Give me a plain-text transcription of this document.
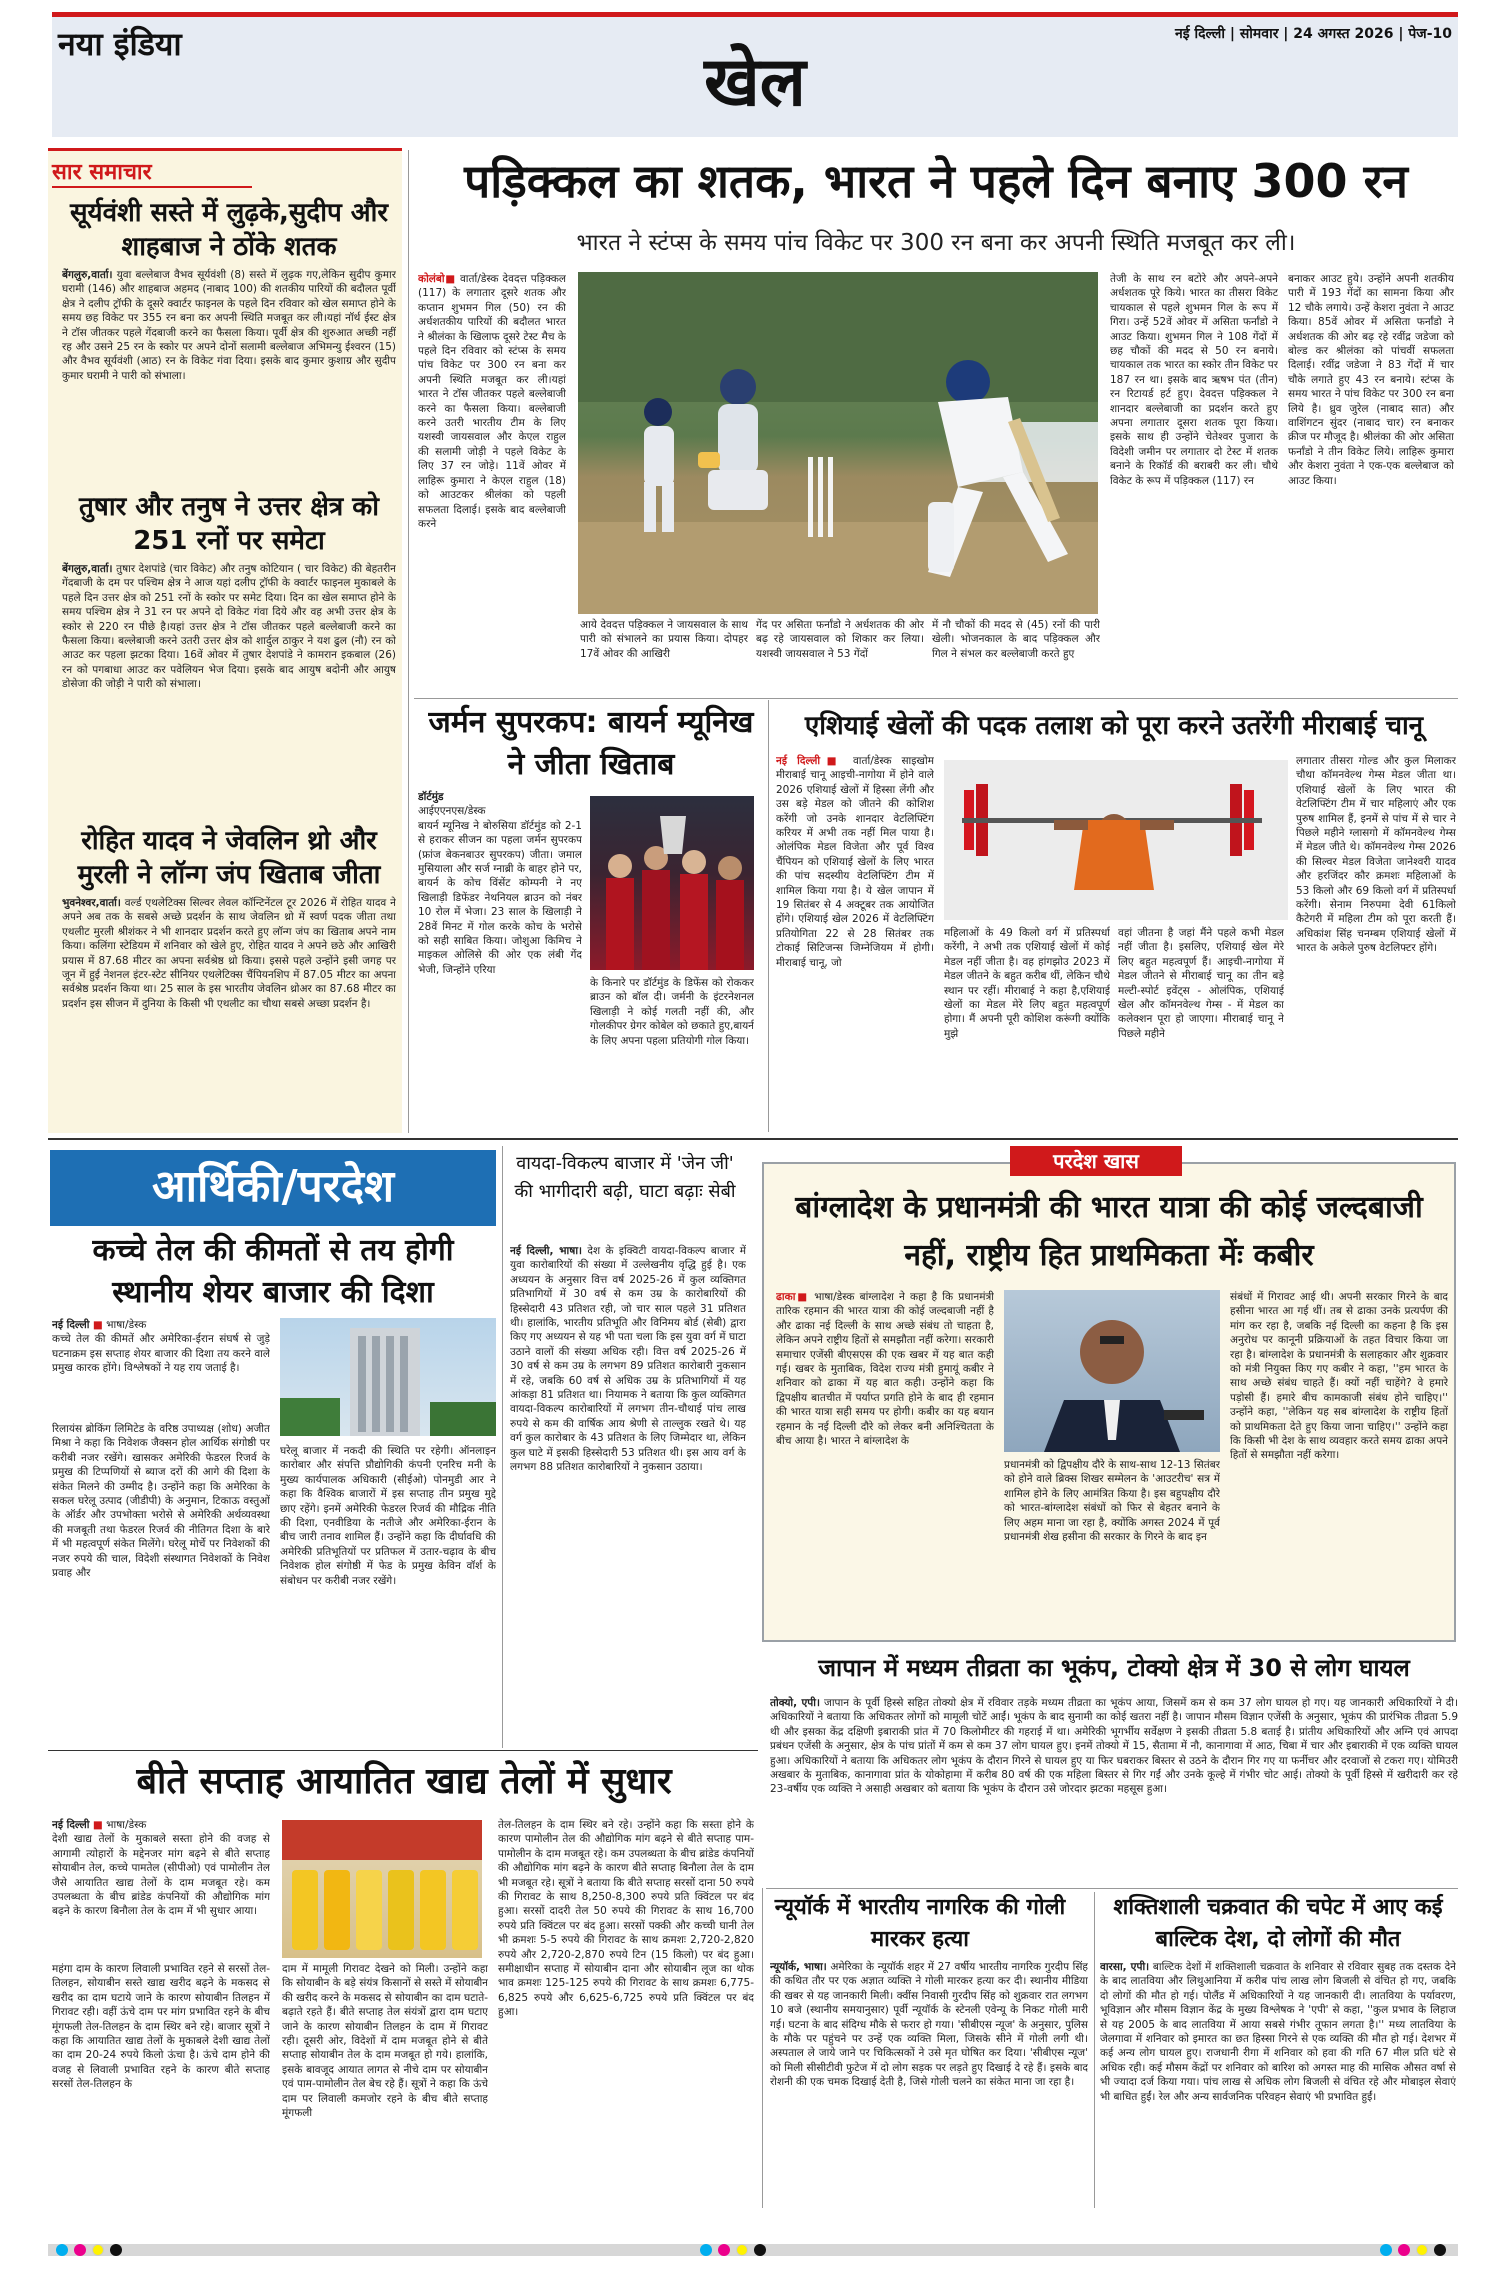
नया इंडिया	नई दिल्ली | सोमवार | 24 अगस्त 2026 | पेज-10
खेल
सार समाचार
सूर्यवंशी सस्ते में लुढ़के,सुदीप और शाहबाज ने ठोंके शतक
बेंगलुरु,वार्ता। युवा बल्लेबाज वैभव सूर्यवंशी (8) सस्ते में लुढ़क गए,लेकिन सुदीप कुमार घरामी (146) और शाहबाज अहमद (नाबाद 100) की शतकीय पारियों की बदौलत पूर्वी क्षेत्र ने दलीप ट्रॉफी के दूसरे क्वार्टर फाइनल के पहले दिन रविवार को खेल समाप्त होने के समय छह विकेट पर 355 रन बना कर अपनी स्थिति मजबूत कर ली।यहां नॉर्थ ईस्ट क्षेत्र ने टॉस जीतकर पहले गेंदबाजी करने का फैसला किया। पूर्वी क्षेत्र की शुरुआत अच्छी नहीं रह और उसने 25 रन के स्कोर पर अपने दोनों सलामी बल्लेबाज अभिमन्यु ईश्वरन (15) और वैभव सूर्यवंशी (आठ) रन के विकेट गंवा दिया। इसके बाद कुमार कुशाग्र और सुदीप कुमार घरामी ने पारी को संभाला।
तुषार और तनुष ने उत्तर क्षेत्र को 251 रनों पर समेटा
बेंगलुरु,वार्ता। तुषार देशपांडे (चार विकेट) और तनुष कोटियान ( चार विकेट) की बेहतरीन गेंदबाजी के दम पर पश्चिम क्षेत्र ने आज यहां दलीप ट्रॉफी के क्वार्टर फाइनल मुकाबले के पहले दिन उत्तर क्षेत्र को 251 रनों के स्कोर पर समेट दिया। दिन का खेल समाप्त होने के समय पश्चिम क्षेत्र ने 31 रन पर अपने दो विकेट गंवा दिये और वह अभी उत्तर क्षेत्र के स्कोर से 220 रन पीछे है।यहां उत्तर क्षेत्र ने टॉस जीतकर पहले बल्लेबाजी करने का फैसला किया। बल्लेबाजी करने उतरी उत्तर क्षेत्र को शार्दुल ठाकुर ने यश ढुल (नौ) रन को आउट कर पहला झटका दिया। 16वें ओवर में तुषार देशपांडे ने कामरान इकबाल (26) रन को पगबाधा आउट कर पवेलियन भेज दिया। इसके बाद आयुष बदोनी और आयुष डोसेजा की जोड़ी ने पारी को संभाला।
रोहित यादव ने जेवलिन थ्रो और मुरली ने लॉन्ग जंप खिताब जीता
भुवनेश्वर,वार्ता। वर्ल्ड एथलेटिक्स सिल्वर लेवल कॉन्टिनेंटल टूर 2026 में रोहित यादव ने अपने अब तक के सबसे अच्छे प्रदर्शन के साथ जेवलिन थ्रो में स्वर्ण पदक जीता तथा एथलीट मुरली श्रीशंकर ने भी शानदार प्रदर्शन करते हुए लॉन्ग जंप का खिताब अपने नाम किया। कलिंगा स्टेडियम में शनिवार को खेले हुए, रोहित यादव ने अपने छठे और आखिरी प्रयास में 87.68 मीटर का अपना सर्वश्रेष्ठ थ्रो किया। इससे पहले उन्होंने इसी जगह पर जून में हुई नेशनल इंटर-स्टेट सीनियर एथलेटिक्स चैंपियनशिप में 87.05 मीटर का अपना सर्वश्रेष्ठ प्रदर्शन किया था। 25 साल के इस भारतीय जेवलिन थ्रोअर का 87.68 मीटर का प्रदर्शन इस सीजन में दुनिया के किसी भी एथलीट का चौथा सबसे अच्छा प्रदर्शन है।
पड़िक्कल का शतक, भारत ने पहले दिन बनाए 300 रन
भारत ने स्टंप्स के समय पांच विकेट पर 300 रन बना कर अपनी स्थिति मजबूत कर ली।
कोलंबो■ वार्ता/डेस्क देवदत्त पड़िक्कल (117) के लगातार दूसरे शतक और कप्तान शुभमन गिल (50) रन की अर्धशतकीय पारियों की बदौलत भारत ने श्रीलंका के खिलाफ दूसरे टेस्ट मैच के पहले दिन रविवार को स्टंप्स के समय पांच विकेट पर 300 रन बना कर अपनी स्थिति मजबूत कर ली।यहां भारत ने टॉस जीतकर पहले बल्लेबाजी करने का फैसला किया। बल्लेबाजी करने उतरी भारतीय टीम के लिए यशस्वी जायसवाल और केएल राहुल की सलामी जोड़ी ने पहले विकेट के लिए 37 रन जोड़े। 11वें ओवर में लाहिरू कुमारा ने केएल राहुल (18) को आउटकर श्रीलंका को पहली सफलता दिलाई। इसके बाद बल्लेबाजी करने
आये देवदत्त पड़िक्कल ने जायसवाल के साथ पारी को संभालने का प्रयास किया। दोपहर 17वें ओवर की आखिरी
गेंद पर असिता फर्नांडो ने अर्धशतक की ओर बढ़ रहे जायसवाल को शिकार कर लिया। यशस्वी जायसवाल ने 53 गेंदों
में नौ चौकों की मदद से (45) रनों की पारी खेली। भोजनकाल के बाद पड़िक्कल और गिल ने संभल कर बल्लेबाजी करते हुए
तेजी के साथ रन बटोरे और अपने-अपने अर्धशतक पूरे किये। भारत का तीसरा विकेट चायकाल से पहले शुभमन गिल के रूप में गिरा। उन्हें 52वें ओवर में असिता फर्नांडो ने आउट किया। शुभमन गिल ने 108 गेंदों में छह चौकों की मदद से 50 रन बनाये। चायकाल तक भारत का स्कोर तीन विकेट पर 187 रन था। इसके बाद ऋषभ पंत (तीन) रन रिटायर्ड हर्ट हुए। देवदत्त पड़िक्कल ने शानदार बल्लेबाजी का प्रदर्शन करते हुए अपना लगातार दूसरा शतक पूरा किया। इसके साथ ही उन्होंने चेतेश्वर पुजारा के विदेशी जमीन पर लगातार दो टेस्ट में शतक बनाने के रिकॉर्ड की बराबरी कर ली। चौथे विकेट के रूप में पड़िक्कल (117) रन
बनाकर आउट हुये। उन्होंने अपनी शतकीय पारी में 193 गेंदों का सामना किया और 12 चौके लगाये। उन्हें केशरा नुवंता ने आउट किया। 85वें ओवर में असिता फर्नांडो ने अर्धशतक की ओर बढ़ रहे रवींद्र जडेजा को बोल्ड कर श्रीलंका को पांचवीं सफलता दिलाई। रवींद्र जडेजा ने 83 गेंदों में चार चौके लगाते हुए 43 रन बनाये। स्टंप्स के समय भारत ने पांच विकेट पर 300 रन बना लिये है। ध्रुव जुरेल (नाबाद सात) और वाशिंगटन सुंदर (नाबाद चार) रन बनाकर क्रीज पर मौजूद है। श्रीलंका की ओर असिता फर्नांडो ने तीन विकेट लिये। लाहिरू कुमारा और केशरा नुवंता ने एक-एक बल्लेबाज को आउट किया।
जर्मन सुपरकप: बायर्न म्यूनिख ने जीता खिताब
डॉर्टमुंड
आईएएनएस/डेस्क
बायर्न म्यूनिख ने बोरुसिया डॉर्टमुंड को 2-1 से हराकर सीजन का पहला जर्मन सुपरकप (फ्रांज बेकनबाउर सुपरकप) जीता। जमाल मुसियाला और सर्ज ग्नाब्री के बाहर होने पर, बायर्न के कोच विंसेंट कोम्पनी ने नए खिलाड़ी डिफेंडर नेथनियल ब्राउन को नंबर 10 रोल में भेजा। 23 साल के खिलाड़ी ने 28वें मिनट में गोल करके कोच के भरोसे को सही साबित किया। जोशुआ किमिच ने माइकल ओलिसे की ओर एक लंबी गेंद भेजी, जिन्होंने एरिया
के किनारे पर डॉर्टमुंड के डिफेंस को रोककर ब्राउन को बॉल दी। जर्मनी के इंटरनेशनल खिलाड़ी ने कोई गलती नहीं की, और गोलकीपर ग्रेगर कोबेल को छकाते हुए,बायर्न के लिए अपना पहला प्रतियोगी गोल किया।
एशियाई खेलों की पदक तलाश को पूरा करने उतरेंगी मीराबाई चानू
नई दिल्ली■ वार्ता/डेस्क साइखोम मीराबाई चानू आइची-नागोया में होने वाले 2026 एशियाई खेलों में हिस्सा लेंगी और उस बड़े मेडल को जीतने की कोशिश करेंगी जो उनके शानदार वेटलिफ्टिंग करियर में अभी तक नहीं मिल पाया है। ओलंपिक मेडल विजेता और पूर्व विश्व चैंपियन को एशियाई खेलों के लिए भारत की पांच सदस्यीय वेटलिफ्टिंग टीम में शामिल किया गया है। ये खेल जापान में 19 सितंबर से 4 अक्टूबर तक आयोजित होंगे। एशियाई खेल 2026 में वेटलिफ्टिंग प्रतियोगिता 22 से 28 सितंबर तक टोकाई सिटिजन्स जिम्नेजियम में होगी। मीराबाई चानू, जो
महिलाओं के 49 किलो वर्ग में प्रतिस्पर्धा करेंगी, ने अभी तक एशियाई खेलों में कोई मेडल नहीं जीता है। वह हांगझोउ 2023 में मेडल जीतने के बहुत करीब थीं, लेकिन चौथे स्थान पर रहीं। मीराबाई ने कहा है,एशियाई खेलों का मेडल मेरे लिए बहुत महत्वपूर्ण होगा। मैं अपनी पूरी कोशिश करूंगी क्योंकि मुझे
वहां जीतना है जहां मैंने पहले कभी मेडल नहीं जीता है। इसलिए, एशियाई खेल मेरे लिए बहुत महत्वपूर्ण हैं। आइची-नागोया में मेडल जीतने से मीराबाई चानू का तीन बड़े मल्टी-स्पोर्ट इवेंट्स - ओलंपिक, एशियाई खेल और कॉमनवेल्थ गेम्स - में मेडल का कलेक्शन पूरा हो जाएगा। मीराबाई चानू ने पिछले महीने
लगातार तीसरा गोल्ड और कुल मिलाकर चौथा कॉमनवेल्थ गेम्स मेडल जीता था। एशियाई खेलों के लिए भारत की वेटलिफ्टिंग टीम में चार महिलाएं और एक पुरुष शामिल हैं, इनमें से पांच में से चार ने पिछले महीने ग्लासगो में कॉमनवेल्थ गेम्स में मेडल जीते थे। कॉमनवेल्थ गेम्स 2026 की सिल्वर मेडल विजेता जानेश्वरी यादव और हरजिंदर कौर क्रमशः महिलाओं के 53 किलो और 69 किलो वर्ग में प्रतिस्पर्धा करेंगी। सेनाम निरुपमा देवी 61किलो कैटेगरी में महिला टीम को पूरा करती हैं। अधिकांश सिंह चनम्बम एशियाई खेलों में भारत के अकेले पुरुष वेटलिफ्टर होंगे।
आर्थिकी/परदेश
कच्चे तेल की कीमतों से तय होगी स्थानीय शेयर बाजार की दिशा
नई दिल्ली ■ भाषा/डेस्क
कच्चे तेल की कीमतें और अमेरिका-ईरान संघर्ष से जुड़े घटनाक्रम इस सप्ताह शेयर बाजार की दिशा तय करने वाले प्रमुख कारक होंगे। विश्लेषकों ने यह राय जताई है।
रिलायंस ब्रोकिंग लिमिटेड के वरिष्ठ उपाध्यक्ष (शोध) अजीत मिश्रा ने कहा कि निवेशक जैक्सन होल आर्थिक संगोष्ठी पर करीबी नजर रखेंगे। खासकर अमेरिकी फेडरल रिजर्व के प्रमुख की टिप्पणियों से ब्याज दरों की आगे की दिशा के संकेत मिलने की उम्मीद है। उन्होंने कहा कि अमेरिका के सकल घरेलू उत्पाद (जीडीपी) के अनुमान, टिकाऊ वस्तुओं के ऑर्डर और उपभोक्ता भरोसे से अमेरिकी अर्थव्यवस्था की मजबूती तथा फेडरल रिजर्व की नीतिगत दिशा के बारे में भी महत्वपूर्ण संकेत मिलेंगे। घरेलू मोर्चे पर निवेशकों की नजर रुपये की चाल, विदेशी संस्थागत निवेशकों के निवेश प्रवाह और
घरेलू बाजार में नकदी की स्थिति पर रहेगी। ऑनलाइन कारोबार और संपत्ति प्रौद्योगिकी कंपनी एनरिच मनी के मुख्य कार्यपालक अधिकारी (सीईओ) पोनमुडी आर ने कहा कि वैश्विक बाजारों में इस सप्ताह तीन प्रमुख मुद्दे छाए रहेंगे। इनमें अमेरिकी फेडरल रिजर्व की मौद्रिक नीति की दिशा, एनवीडिया के नतीजे और अमेरिका-ईरान के बीच जारी तनाव शामिल हैं। उन्होंने कहा कि दीर्घावधि की अमेरिकी प्रतिभूतियों पर प्रतिफल में उतार-चढ़ाव के बीच निवेशक होल संगोष्ठी में फेड के प्रमुख केविन वॉर्श के संबोधन पर करीबी नजर रखेंगे।
वायदा-विकल्प बाजार में 'जेन जी' की भागीदारी बढ़ी, घाटा बढ़ाः सेबी
नई दिल्ली, भाषा। देश के इक्विटी वायदा-विकल्प बाजार में युवा कारोबारियों की संख्या में उल्लेखनीय वृद्धि हुई है। एक अध्ययन के अनुसार वित्त वर्ष 2025-26 में कुल व्यक्तिगत प्रतिभागियों में 30 वर्ष से कम उम्र के कारोबारियों की हिस्सेदारी 43 प्रतिशत रही, जो चार साल पहले 31 प्रतिशत थी। हालांकि, भारतीय प्रतिभूति और विनिमय बोर्ड (सेबी) द्वारा किए गए अध्ययन से यह भी पता चला कि इस युवा वर्ग में घाटा उठाने वालों की संख्या अधिक रही। वित्त वर्ष 2025-26 में 30 वर्ष से कम उम्र के लगभग 89 प्रतिशत कारोबारी नुकसान में रहे, जबकि 60 वर्ष से अधिक उम्र के प्रतिभागियों में यह आंकड़ा 81 प्रतिशत था। नियामक ने बताया कि कुल व्यक्तिगत वायदा-विकल्प कारोबारियों में लगभग तीन-चौथाई पांच लाख रुपये से कम की वार्षिक आय श्रेणी से ताल्लुक रखते थे। यह वर्ग कुल कारोबार के 43 प्रतिशत के लिए जिम्मेदार था, लेकिन कुल घाटे में इसकी हिस्सेदारी 53 प्रतिशत थी। इस आय वर्ग के लगभग 88 प्रतिशत कारोबारियों ने नुकसान उठाया।
परदेश खास
बांग्लादेश के प्रधानमंत्री की भारत यात्रा की कोई जल्दबाजी नहीं, राष्ट्रीय हित प्राथमिकता मेंः कबीर
ढाका■ भाषा/डेस्क बांग्लादेश ने कहा है कि प्रधानमंत्री तारिक रहमान की भारत यात्रा की कोई जल्दबाजी नहीं है और ढाका नई दिल्ली के साथ अच्छे संबंध तो चाहता है, लेकिन अपने राष्ट्रीय हितों से समझौता नहीं करेगा। सरकारी समाचार एजेंसी बीएसएस की एक खबर में यह बात कही गई। खबर के मुताबिक, विदेश राज्य मंत्री हुमायूं कबीर ने शनिवार को ढाका में यह बात कही। उन्होंने कहा कि द्विपक्षीय बातचीत में पर्याप्त प्रगति होने के बाद ही रहमान की भारत यात्रा सही समय पर होगी। कबीर का यह बयान रहमान के नई दिल्ली दौरे को लेकर बनी अनिश्चितता के बीच आया है। भारत ने बांग्लादेश के
प्रधानमंत्री को द्विपक्षीय दौरे के साथ-साथ 12-13 सितंबर को होने वाले ब्रिक्स शिखर सम्मेलन के 'आउटरीच' सत्र में शामिल होने के लिए आमंत्रित किया है। इस बहुपक्षीय दौरे को भारत-बांग्लादेश संबंधों को फिर से बेहतर बनाने के लिए अहम माना जा रहा है, क्योंकि अगस्त 2024 में पूर्व प्रधानमंत्री शेख हसीना की सरकार के गिरने के बाद इन
संबंधों में गिरावट आई थी। अपनी सरकार गिरने के बाद हसीना भारत आ गई थीं। तब से ढाका उनके प्रत्यर्पण की मांग कर रहा है, जबकि नई दिल्ली का कहना है कि इस अनुरोध पर कानूनी प्रक्रियाओं के तहत विचार किया जा रहा है। बांग्लादेश के प्रधानमंत्री के सलाहकार और शुक्रवार को मंत्री नियुक्त किए गए कबीर ने कहा, ''हम भारत के साथ अच्छे संबंध चाहते हैं। क्यों नहीं चाहेंगे? वे हमारे पड़ोसी हैं। हमारे बीच कामकाजी संबंध होने चाहिए।'' उन्होंने कहा, ''लेकिन यह सब बांग्लादेश के राष्ट्रीय हितों को प्राथमिकता देते हुए किया जाना चाहिए।'' उन्होंने कहा कि किसी भी देश के साथ व्यवहार करते समय ढाका अपने हितों से समझौता नहीं करेगा।
जापान में मध्यम तीव्रता का भूकंप, टोक्यो क्षेत्र में 30 से लोग घायल
तोक्यो, एपी। जापान के पूर्वी हिस्से सहित तोक्यो क्षेत्र में रविवार तड़के मध्यम तीव्रता का भूकंप आया, जिसमें कम से कम 37 लोग घायल हो गए। यह जानकारी अधिकारियों ने दी। अधिकारियों ने बताया कि अधिकतर लोगों को मामूली चोटें आईं। भूकंप के बाद सुनामी का कोई खतरा नहीं है। जापान मौसम विज्ञान एजेंसी के अनुसार, भूकंप की प्रारंभिक तीव्रता 5.9 थी और इसका केंद्र दक्षिणी इबाराकी प्रांत में 70 किलोमीटर की गहराई में था। अमेरिकी भूगर्भीय सर्वेक्षण ने इसकी तीव्रता 5.8 बताई है। प्रांतीय अधिकारियों और अग्नि एवं आपदा प्रबंधन एजेंसी के अनुसार, क्षेत्र के पांच प्रांतों में कम से कम 37 लोग घायल हुए। इनमें तोक्यो में 15, सैतामा में नौ, कानागावा में आठ, चिबा में चार और इबाराकी में एक व्यक्ति घायल हुआ। अधिकारियों ने बताया कि अधिकतर लोग भूकंप के दौरान गिरने से घायल हुए या फिर घबराकर बिस्तर से उठने के दौरान गिर गए या फर्नीचर और दरवाजों से टकरा गए। योमिउरी अखबार के मुताबिक, कानागावा प्रांत के योकोहामा में करीब 80 वर्ष की एक महिला बिस्तर से गिर गईं और उनके कूल्हे में गंभीर चोट आई। तोक्यो के पूर्वी हिस्से में खरीदारी कर रहे 23-वर्षीय एक व्यक्ति ने असाही अखबार को बताया कि भूकंप के दौरान उसे जोरदार झटका महसूस हुआ।
बीते सप्ताह आयातित खाद्य तेलों में सुधार
नई दिल्ली ■ भाषा/डेस्क
देशी खाद्य तेलों के मुकाबले सस्ता होने की वजह से आगामी त्योहारों के मद्देनजर मांग बढ़ने से बीते सप्ताह सोयाबीन तेल, कच्चे पामतेल (सीपीओ) एवं पामोलीन तेल जैसे आयातित खाद्य तेलों के दाम मजबूत रहे। कम उपलब्धता के बीच ब्रांडेड कंपनियों की औद्योगिक मांग बढ़ने के कारण बिनौला तेल के दाम में भी सुधार आया।
महंगा दाम के कारण लिवाली प्रभावित रहने से सरसों तेल-तिलहन, सोयाबीन सस्ते खाद्य खरीद बढ़ने के मकसद से खरीद का दाम घटाये जाने के कारण सोयाबीन तिलहन में गिरावट रही। वहीं ऊंचे दाम पर मांग प्रभावित रहने के बीच मूंगफली तेल-तिलहन के दाम स्थिर बने रहे। बाजार सूत्रों ने कहा कि आयातित खाद्य तेलों के मुकाबले देशी खाद्य तेलों का दाम 20-24 रुपये किलो ऊंचा है। ऊंचे दाम होने की वजह से लिवाली प्रभावित रहने के कारण बीते सप्ताह सरसों तेल-तिलहन के
दाम में मामूली गिरावट देखने को मिली। उन्होंने कहा कि सोयाबीन के बड़े संयंत्र किसानों से सस्ते में सोयाबीन की खरीद करने के मकसद से सोयाबीन का दाम घटाते-बढ़ाते रहते हैं। बीते सप्ताह तेल संयंत्रों द्वारा दाम घटाए जाने के कारण सोयाबीन तिलहन के दाम में गिरावट रही। दूसरी ओर, विदेशों में दाम मजबूत होने से बीते सप्ताह सोयाबीन तेल के दाम मजबूत हो गये। हालांकि, इसके बावजूद आयात लागत से नीचे दाम पर सोयाबीन एवं पाम-पामोलीन तेल बेच रहे हैं। सूत्रों ने कहा कि ऊंचे दाम पर लिवाली कमजोर रहने के बीच बीते सप्ताह मूंगफली
तेल-तिलहन के दाम स्थिर बने रहे। उन्होंने कहा कि सस्ता होने के कारण पामोलीन तेल की औद्योगिक मांग बढ़ने से बीते सप्ताह पाम-पामोलीन के दाम मजबूत रहे। कम उपलब्धता के बीच ब्रांडेड कंपनियों की औद्योगिक मांग बढ़ने के कारण बीते सप्ताह बिनौला तेल के दाम भी मजबूत रहे। सूत्रों ने बताया कि बीते सप्ताह सरसों दाना 50 रुपये की गिरावट के साथ 8,250-8,300 रुपये प्रति क्विंटल पर बंद हुआ। सरसों दादरी तेल 50 रुपये की गिरावट के साथ 16,700 रुपये प्रति क्विंटल पर बंद हुआ। सरसों पक्की और कच्ची घानी तेल भी क्रमशः 5-5 रुपये की गिरावट के साथ क्रमशः 2,720-2,820 रुपये और 2,720-2,870 रुपये टिन (15 किलो) पर बंद हुआ। समीक्षाधीन सप्ताह में सोयाबीन दाना और सोयाबीन लूज का थोक भाव क्रमशः 125-125 रुपये की गिरावट के साथ क्रमशः 6,775-6,825 रुपये और 6,625-6,725 रुपये प्रति क्विंटल पर बंद हुआ।
न्यूयॉर्क में भारतीय नागरिक की गोली मारकर हत्या
न्यूयॉर्क, भाषा। अमेरिका के न्यूयॉर्क शहर में 27 वर्षीय भारतीय नागरिक गुरदीप सिंह की कथित तौर पर एक अज्ञात व्यक्ति ने गोली मारकर हत्या कर दी। स्थानीय मीडिया की खबर से यह जानकारी मिली। क्वींस निवासी गुरदीप सिंह को शुक्रवार रात लगभग 10 बजे (स्थानीय समयानुसार) पूर्वी न्यूयॉर्क के स्टेनली एवेन्यू के निकट गोली मारी गई। घटना के बाद संदिग्ध मौके से फरार हो गया। 'सीबीएस न्यूज' के अनुसार, पुलिस के मौके पर पहुंचने पर उन्हें एक व्यक्ति मिला, जिसके सीने में गोली लगी थी। अस्पताल ले जाये जाने पर चिकित्सकों ने उसे मृत घोषित कर दिया। 'सीबीएस न्यूज' को मिली सीसीटीवी फुटेज में दो लोग सड़क पर लड़ते हुए दिखाई दे रहे हैं। इसके बाद रोशनी की एक चमक दिखाई देती है, जिसे गोली चलने का संकेत माना जा रहा है।
शक्तिशाली चक्रवात की चपेट में आए कई बाल्टिक देश, दो लोगों की मौत
वारसा, एपी। बाल्टिक देशों में शक्तिशाली चक्रवात के शनिवार से रविवार सुबह तक दस्तक देने के बाद लातविया और लिथुआनिया में करीब पांच लाख लोग बिजली से वंचित हो गए, जबकि दो लोगों की मौत हो गई। पोलैंड में अधिकारियों ने यह जानकारी दी। लातविया के पर्यावरण, भूविज्ञान और मौसम विज्ञान केंद्र के मुख्य विश्लेषक ने 'एपी' से कहा, ''कुल प्रभाव के लिहाज से यह 2005 के बाद लातविया में आया सबसे गंभीर तूफान लगता है।'' मध्य लातविया के जेलगावा में शनिवार को इमारत का छत हिस्सा गिरने से एक व्यक्ति की मौत हो गई। देशभर में कई अन्य लोग घायल हुए। राजधानी रीगा में शनिवार को हवा की गति 67 मील प्रति घंटे से अधिक रही। कई मौसम केंद्रों पर शनिवार को बारिश को अगस्त माह की मासिक औसत वर्षा से भी ज्यादा दर्ज किया गया। पांच लाख से अधिक लोग बिजली से वंचित रहे और मोबाइल सेवाएं भी बाधित हुईं। रेल और अन्य सार्वजनिक परिवहन सेवाएं भी प्रभावित हुईं।
